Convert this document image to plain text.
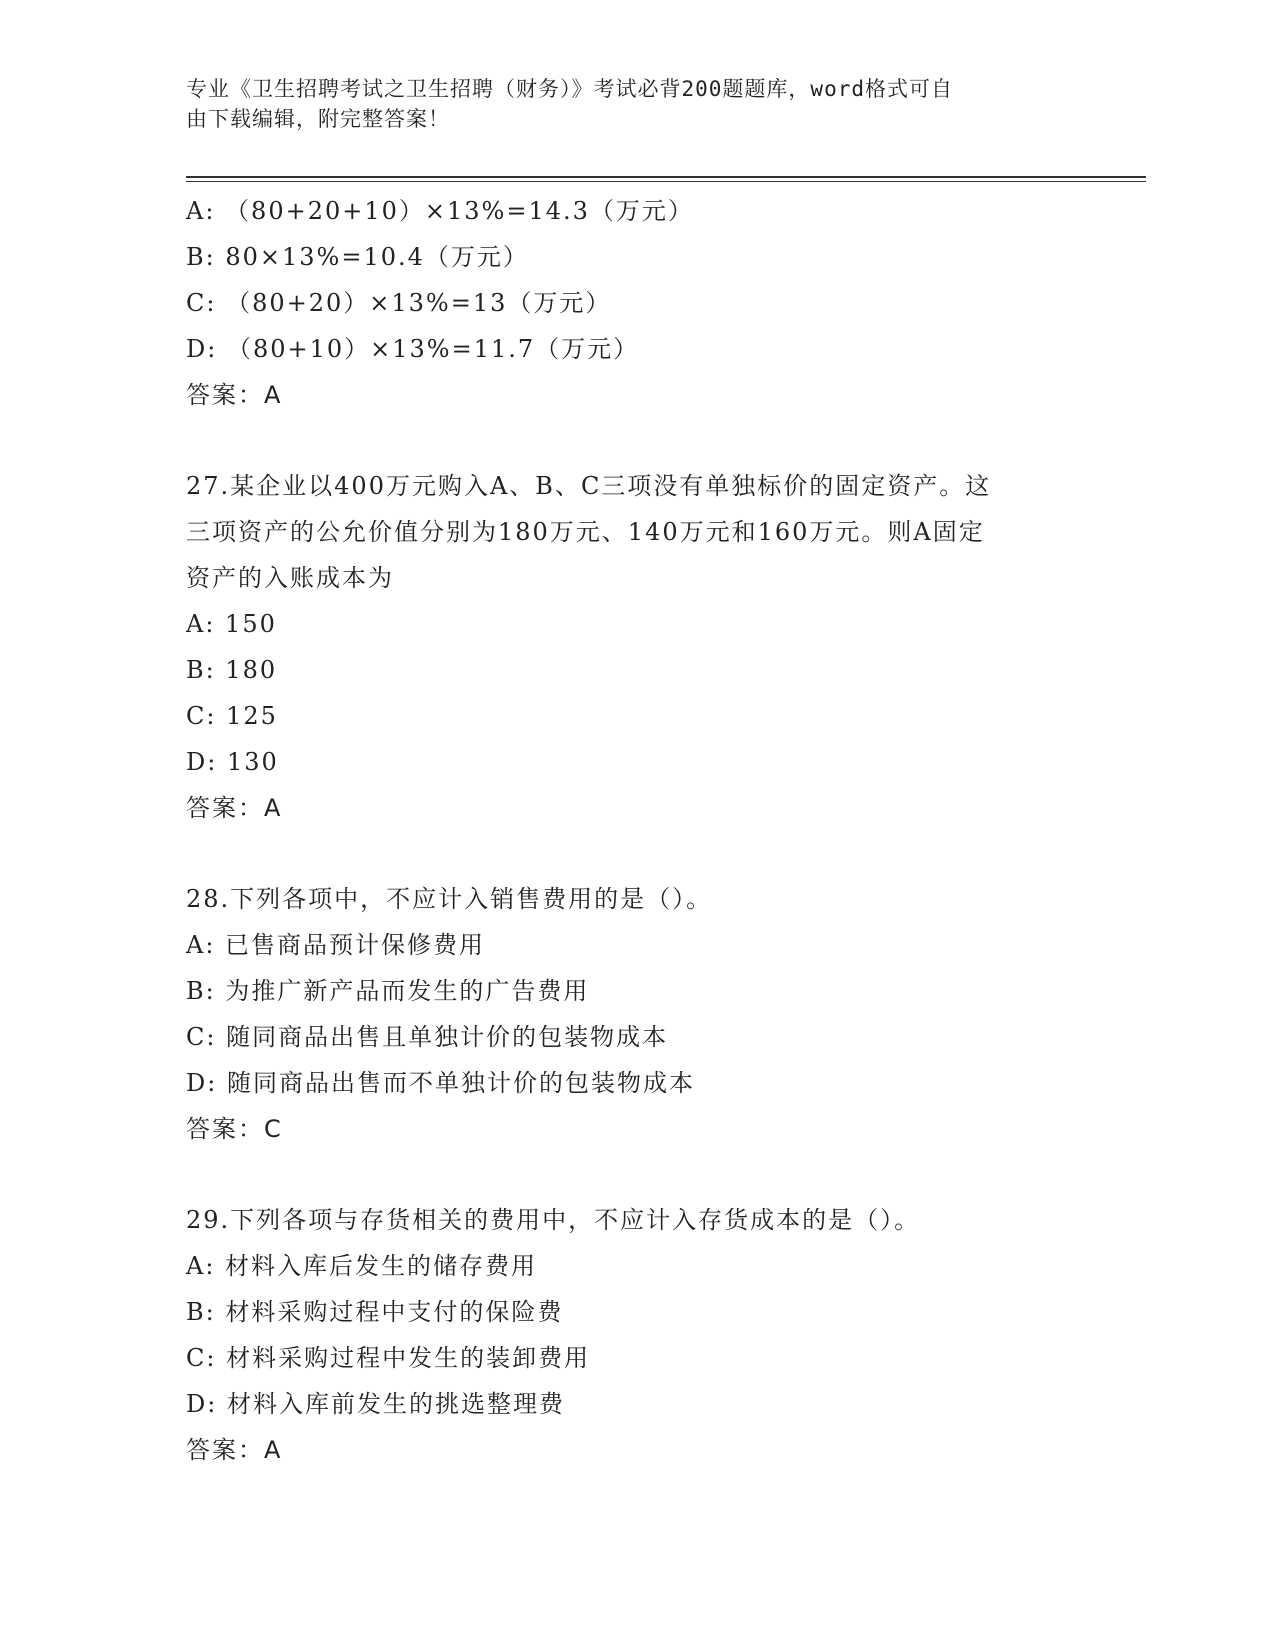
专业《卫生招聘考试之卫生招聘（财务）》考试必背200题题库，word格式可自
由下载编辑，附完整答案！
A: （80+20+10）×13%=14.3（万元）
B: 80×13%=10.4（万元）
C: （80+20）×13%=13（万元）
D: （80+10）×13%=11.7（万元）
答案：A
27.某企业以400万元购入A、B、C三项没有单独标价的固定资产。这
三项资产的公允价值分别为180万元、140万元和160万元。则A固定
资产的入账成本为
A: 150
B: 180
C: 125
D: 130
答案：A
28.下列各项中，不应计入销售费用的是（）。
A: 已售商品预计保修费用
B: 为推广新产品而发生的广告费用
C: 随同商品出售且单独计价的包装物成本
D: 随同商品出售而不单独计价的包装物成本
答案：C
29.下列各项与存货相关的费用中，不应计入存货成本的是（）。
A: 材料入库后发生的储存费用
B: 材料采购过程中支付的保险费
C: 材料采购过程中发生的装卸费用
D: 材料入库前发生的挑选整理费
答案：A
